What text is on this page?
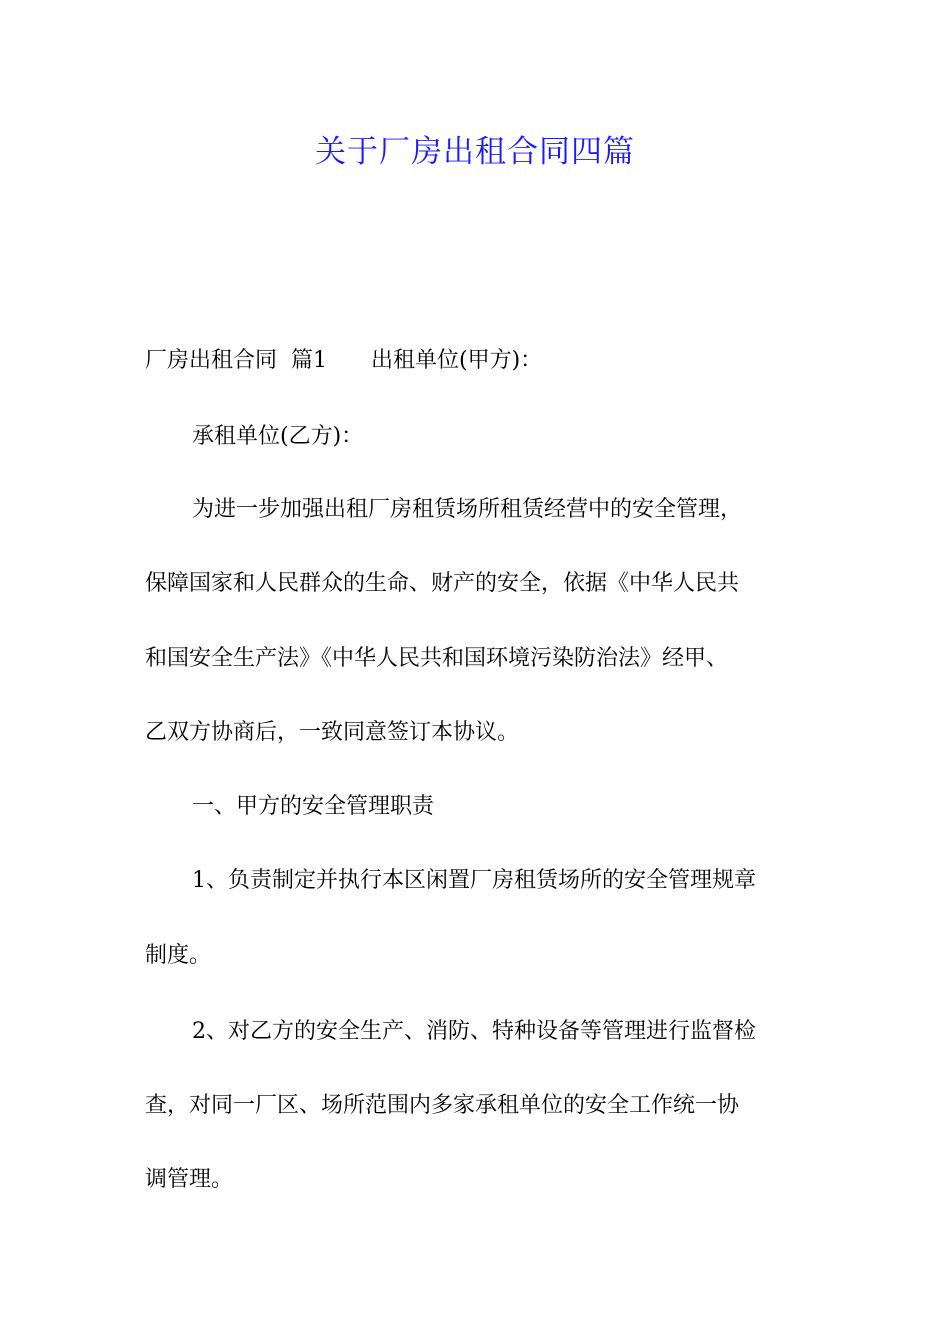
关于厂房出租合同四篇
厂房出租合同  篇1 出租单位(甲方)：
承租单位(乙方)：
为进一步加强出租厂房租赁场所租赁经营中的安全管理，
保障国家和人民群众的生命、财产的安全，依据《中华人民共
和国安全生产法》《中华人民共和国环境污染防治法》经甲、
乙双方协商后，一致同意签订本协议。
一、甲方的安全管理职责
1、负责制定并执行本区闲置厂房租赁场所的安全管理规章
制度。
2、对乙方的安全生产、消防、特种设备等管理进行监督检
查，对同一厂区、场所范围内多家承租单位的安全工作统一协
调管理。
